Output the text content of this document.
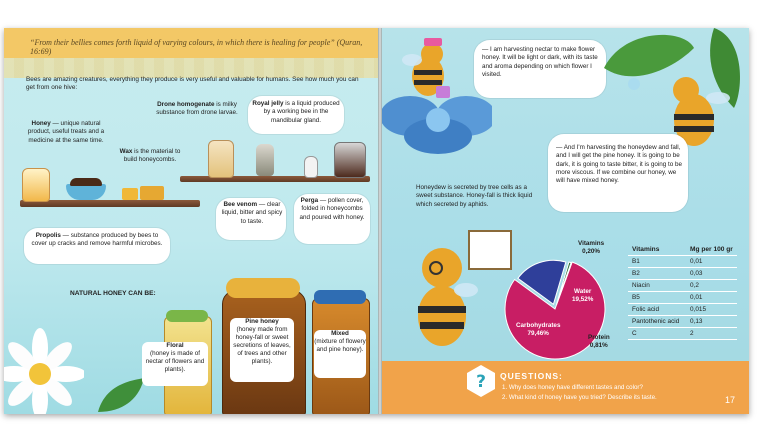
“From their bellies comes forth liquid of varying colours, in which there is healing for people” (Quran, 16:69)
Bees are amazing creatures, everything they produce is very useful and valuable for humans. See how much you can get from one hive:
Honey — unique natural product, useful treats and a medicine at the same time.
Drone homogenate is milky substance from drone larvae.
Royal jelly is a liquid produced by a working bee in the mandibular gland.
Wax is the material to build honeycombs.
Bee venom — clear liquid, bitter and spicy to taste.
Perga — pollen cover, folded in honeycombs and poured with honey.
Propolis — substance produced by bees to cover up cracks and remove harmful microbes.
NATURAL HONEY CAN BE:
Floral
(honey is made of nectar of flowers and plants).
Pine honey
(honey made from honey-fall or sweet secretions of leaves, of trees and other plants).
Mixed
(mixture of flowery and pine honey).
— I am harvesting nectar to make flower honey. It will be light or dark, with its taste and aroma depending on which flower I visited.
— And I'm harvesting the honeydew and fall, and I will get the pine honey. It is going to be dark, it is going to taste bitter, it is going to be more viscous. If we combine our honey, we will have mixed honey.
Honeydew is secreted by tree cells as a sweet substance. Honey-fall is thick liquid which secreted by aphids.
Vitamins
0,20%
Water
19,52%
Carbohydrates
79,46%
Protein
0,81%
Vitamins	Mg per 100 gr
B1	0,01
B2	0,03
Niacin	0,2
B5	0,01
Folic acid	0,015
Pantothenic acid	0,13
C	2
? QUESTIONS:
1. Why does honey have different tastes and color?
2. What kind of honey have you tried? Describe its taste.	17
